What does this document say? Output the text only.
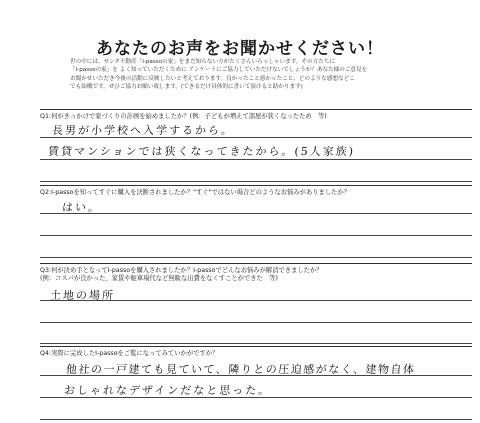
あなたのお声をお聞かせください！
世の中には、サンタ不動産「I-passoの家」をまだ知らない方がたくさんいらっしゃいます。その方たちに
「I-passoの家」を よく知っていただくために アンケートにご協力していただけないでしょうか？あなた様のご意見を
お聞かせいただき今後の活動に反映したいと考えております。良かったこと悪かったこと、どのような感想などこ
でも結構です。ぜひご協力お願い致します。(できるだけ具体的に書いて頂けると助かります)
Q1:何がきっかけで家づくりの計画を始めましたか？(例：子どもが増えて部屋が狭くなったため　等)
長男が小学校へ入学するから。
賃貸マンションでは狭くなってきたから。(5人家族)
Q2:I-passoを知ってすぐに購入を決断されましたか？"すぐ"ではない場合どのようなお悩みがありましたか？
はい。
Q3:何が決め手となってI-passoを購入されましたか？I-passoでどんなお悩みが解消できましたか？
(例：コスパが良かった、家賃や駐車場代など無駄な出費をなくすことができた　等)
土地の場所
Q4:実際に完成したI-passoをご覧になってみていかがですか？
他社の一戸建ても見ていて、隣りとの圧迫感がなく、建物自体
おしゃれなデザインだなと思った。
